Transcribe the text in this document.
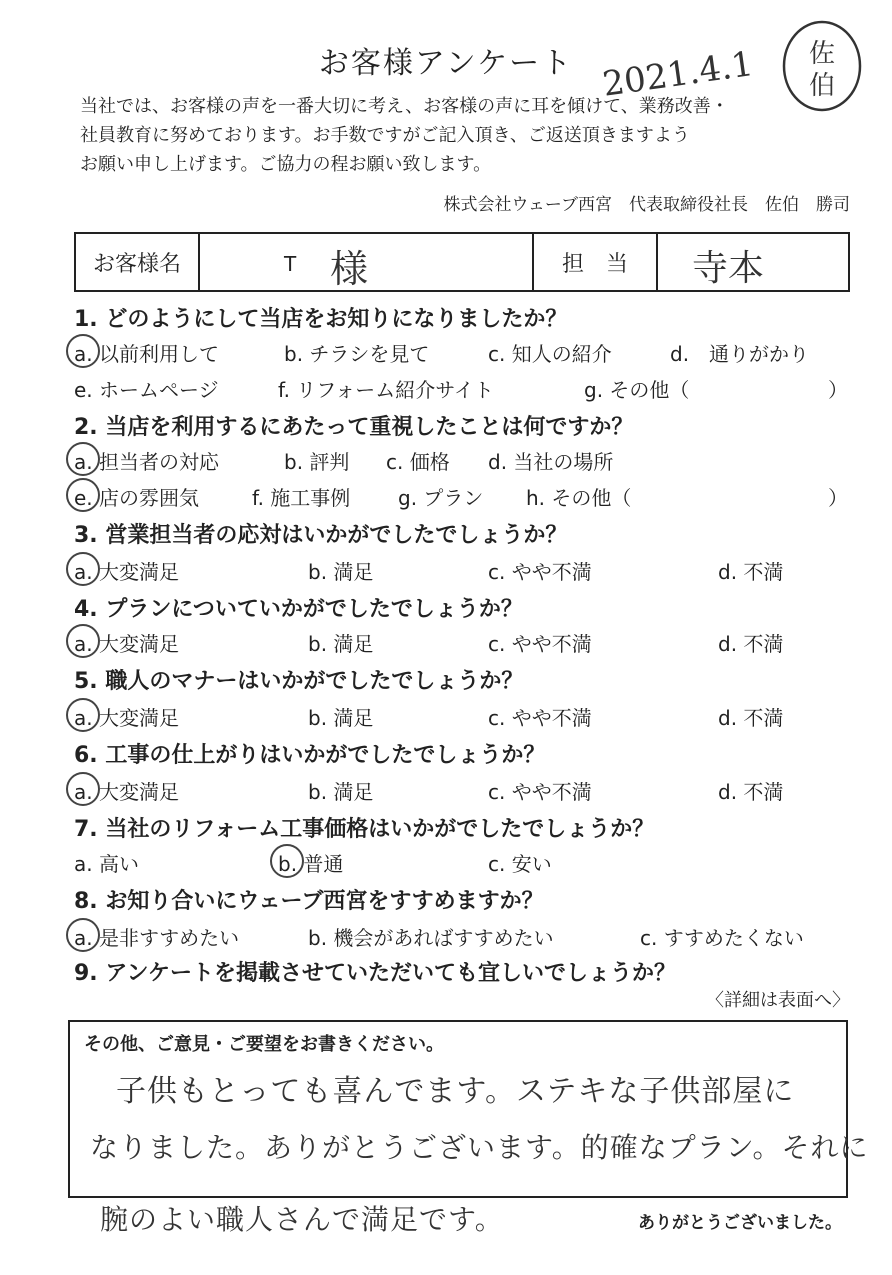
お客様アンケート 2021.4.1 佐
伯
当社では、お客様の声を一番大切に考え、お客様の声に耳を傾けて、業務改善・
社員教育に努めております。お手数ですがご記入頂き、ご返送頂きますよう
お願い申し上げます。ご協力の程お願い致します。
株式会社ウェーブ西宮　代表取締役社長　佐伯　勝司
お客様名	T 様	担　当	寺本
1. どのようにして当店をお知りになりましたか？
a. 以前利用して	b. チラシを見て	c. 知人の紹介	d.　通りがかり
e. ホームページ	f. リフォーム紹介サイト	g. その他（	）
2. 当店を利用するにあたって重視したことは何ですか？
a. 担当者の対応	b. 評判 c. 価格 d. 当社の場所
e. 店の雰囲気	f. 施工事例 g. プラン h. その他（	）
3. 営業担当者の応対はいかがでしたでしょうか？
a. 大変満足	b. 満足	c. やや不満	d. 不満
4. プランについていかがでしたでしょうか？
a. 大変満足	b. 満足	c. やや不満	d. 不満
5. 職人のマナーはいかがでしたでしょうか？
a. 大変満足	b. 満足	c. やや不満	d. 不満
6. 工事の仕上がりはいかがでしたでしょうか？
a. 大変満足	b. 満足	c. やや不満	d. 不満
7. 当社のリフォーム工事価格はいかがでしたでしょうか？
a. 高い	b. 普通	c. 安い
8. お知り合いにウェーブ西宮をすすめますか？
a. 是非すすめたい	b. 機会があればすすめたい	c. すすめたくない
9. アンケートを掲載させていただいても宜しいでしょうか？
〈詳細は表面へ〉
その他、ご意見・ご要望をお書きください。
子供もとっても喜んでます。ステキな子供部屋に
なりました。ありがとうございます。的確なプラン。それに
腕のよい職人さんで満足です。	ありがとうございました。
